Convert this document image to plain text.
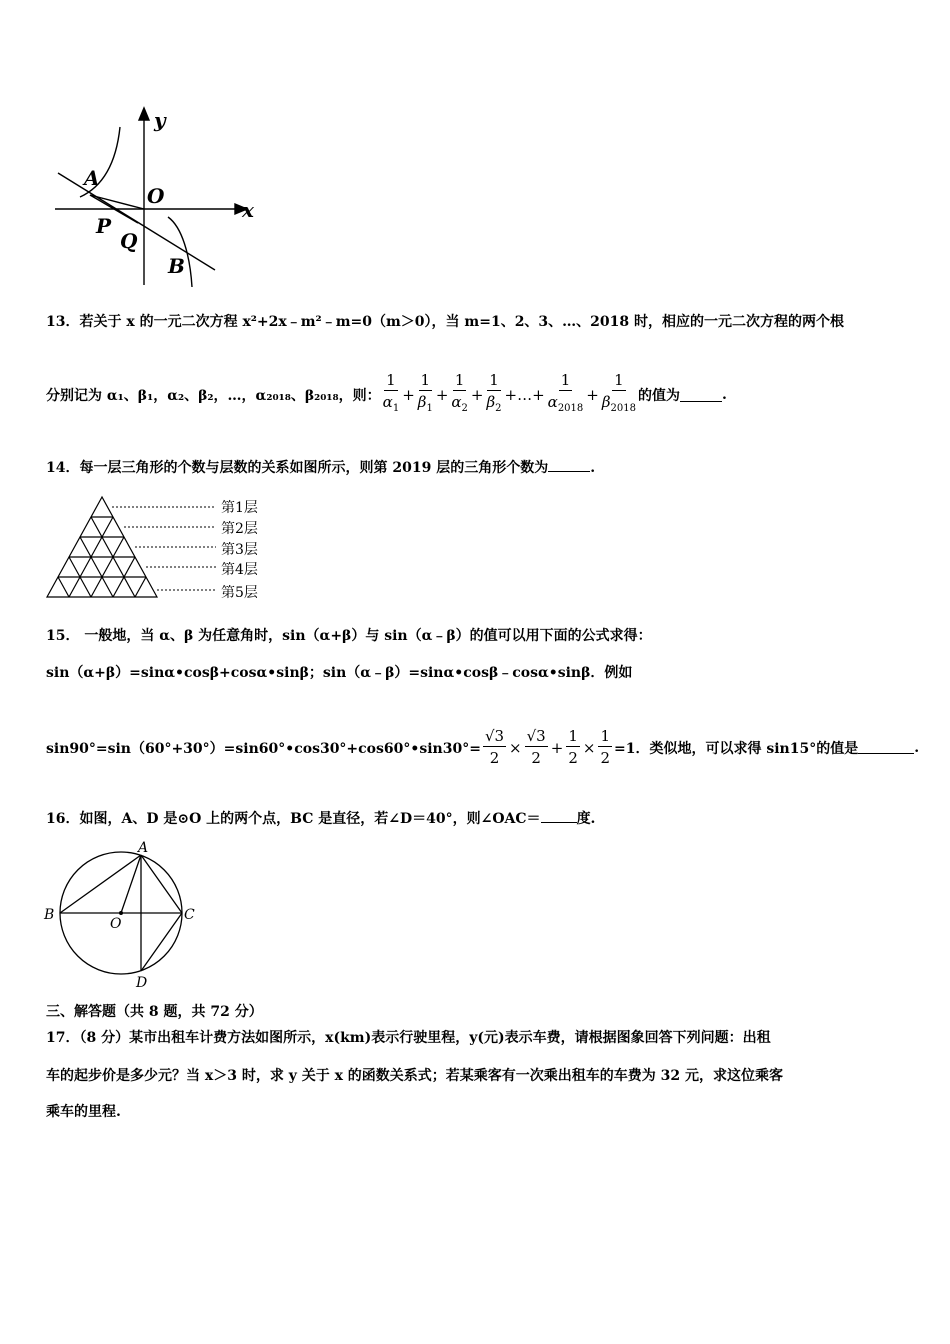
y
x
A
O
P
Q
B
13．若关于 x 的一元二次方程 x²+2x﹣m²﹣m=0（m＞0），当 m=1、2、3、…、2018 时，相应的一元二次方程的两个根
分别记为 α₁、β₁，α₂、β₂，…，α₂₀₁₈、β₂₀₁₈，则： $\frac{1}{\alpha_1} + \frac{1}{\beta_1} + \frac{1}{\alpha_2} + \frac{1}{\beta_2}$ +…+ $\frac{1}{\alpha_{2018}} + \frac{1}{\beta_{2018}}$ 的值为	.
14．每一层三角形的个数与层数的关系如图所示，则第 2019 层的三角形个数为	.
第1层
第2层
第3层
第4层
第5层
15． 一般地，当 α、β 为任意角时，sin（α+β）与 sin（α﹣β）的值可以用下面的公式求得：
sin（α+β）=sinα•cosβ+cosα•sinβ；sin（α﹣β）=sinα•cosβ﹣cosα•sinβ．例如
sin90°=sin（60°+30°）=sin60°•cos30°+cos60°•sin30°= $\frac{√3}{2} \times \frac{√3}{2} + \frac{1}{2} \times \frac{1}{2} =1$．类似地，可以求得 sin15°的值是	.
16．如图，A、D 是⊙O 上的两个点，BC 是直径，若∠D＝40°，则∠OAC＝	度.
A
B	C
O
D
三、解答题（共 8 题，共 72 分）
17．（8 分）某市出租车计费方法如图所示，x(km)表示行驶里程，y(元)表示车费，请根据图象回答下列问题：出租
车的起步价是多少元？当 x＞3 时，求 y 关于 x 的函数关系式；若某乘客有一次乘出租车的车费为 32 元，求这位乘客
乘车的里程.
